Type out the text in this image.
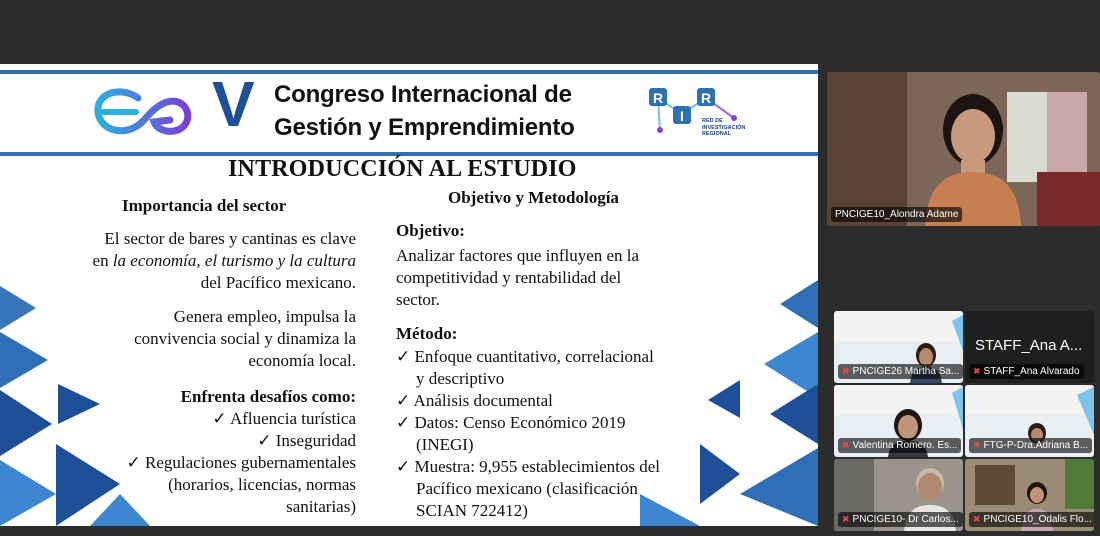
V Congreso Internacional de
Gestión y Emprendimiento
R
I
R
RED DE
INVESTIGACIÓN
REGIONAL
INTRODUCCIÓN AL ESTUDIO
Importancia del sector	Objetivo y Metodología
El sector de bares y cantinas es clave
en la economía, el turismo y la cultura
del Pacífico mexicano.
Genera empleo, impulsa la
convivencia social y dinamiza la
economía local.
Enfrenta desafíos como:
✓ Afluencia turística
✓ Inseguridad
✓ Regulaciones gubernamentales
(horarios, licencias, normas
sanitarias)
Objetivo:
Analizar factores que influyen en la
competitividad y rentabilidad del
sector.
Método:
✓ Enfoque cuantitativo, correlacional
y descriptivo
✓ Análisis documental
✓ Datos: Censo Económico 2019
(INEGI)
✓ Muestra: 9,955 establecimientos del
Pacífico mexicano (clasificación
SCIAN 722412)
PNCIGE10_Alondra Adame
✖ PNCIGE26 Martha Sa...
STAFF_Ana A...
✖ STAFF_Ana Alvarado
✖ Valentina Romero. Es... ✖ FTG-P-Dra.Adriana B...
✖ PNCIGE10- Dr Carlos... ✖ PNCIGE10_Odalis Flo...
